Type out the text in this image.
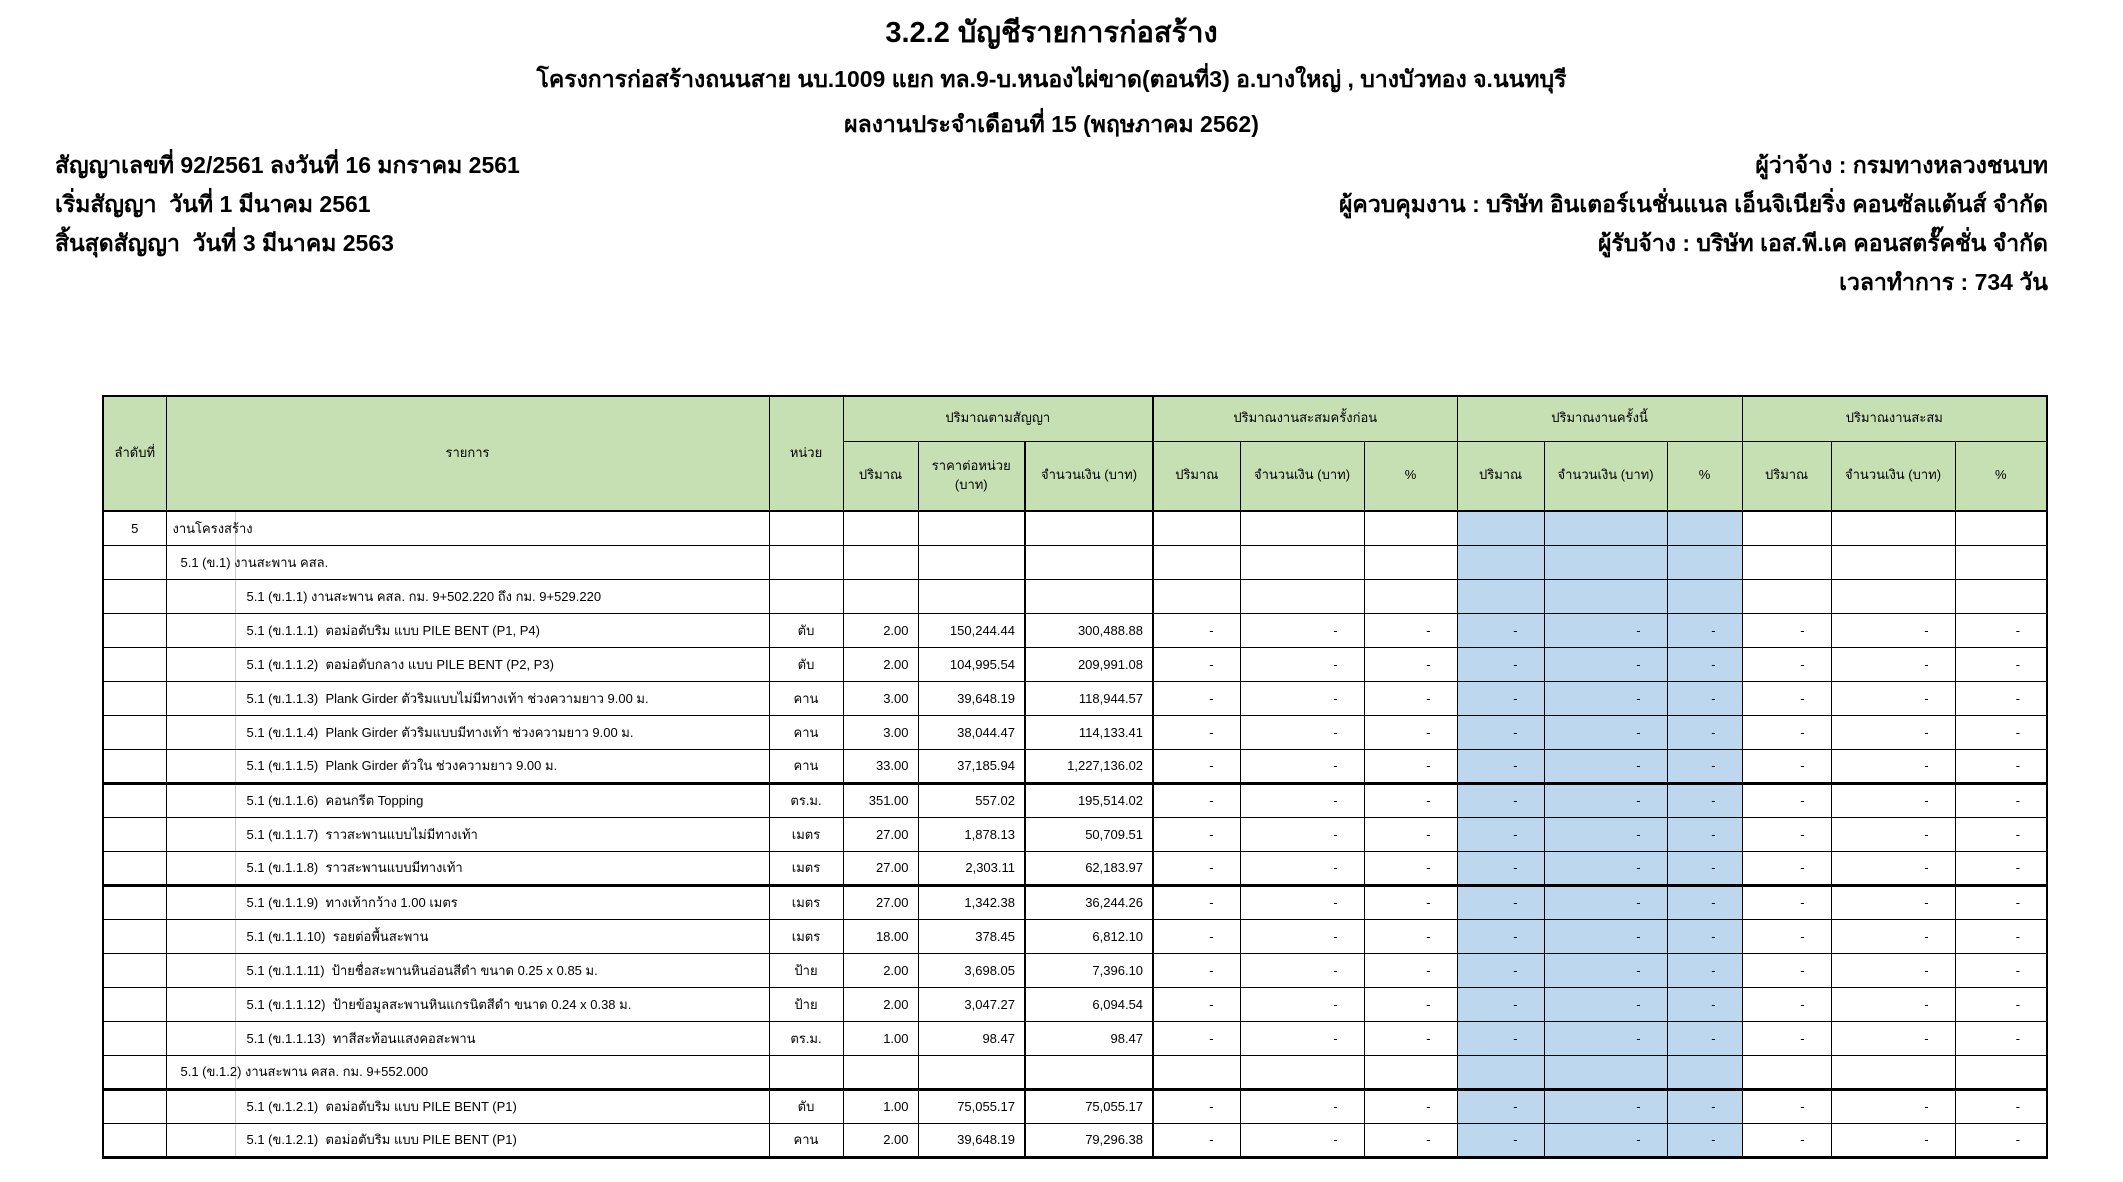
3.2.2 บัญชีรายการก่อสร้าง
โครงการก่อสร้างถนนสาย นบ.1009 แยก ทล.9-บ.หนองไผ่ขาด(ตอนที่3) อ.บางใหญ่ , บางบัวทอง จ.นนทบุรี
ผลงานประจำเดือนที่ 15 (พฤษภาคม 2562)
สัญญาเลขที่ 92/2561 ลงวันที่ 16 มกราคม 2561	ผู้ว่าจ้าง : กรมทางหลวงชนบท
เริ่มสัญญา  วันที่ 1 มีนาคม 2561	ผู้ควบคุมงาน : บริษัท อินเตอร์เนชั่นแนล เอ็นจิเนียริ่ง คอนซัลแต้นส์ จำกัด
สิ้นสุดสัญญา  วันที่ 3 มีนาคม 2563	ผู้รับจ้าง : บริษัท เอส.พี.เค คอนสตรั๊คชั่น จำกัด
เวลาทำการ : 734 วัน
ลำดับที่	รายการ	หน่วย	ปริมาณตามสัญญา			ปริมาณงานสะสมครั้งก่อน			ปริมาณงานครั้งนี้			ปริมาณงานสะสม		
			ปริมาณ	ราคาต่อหน่วย (บาท)	จำนวนเงิน (บาท)	ปริมาณ	จำนวนเงิน (บาท)	%	ปริมาณ	จำนวนเงิน (บาท)	%	ปริมาณ	จำนวนเงิน (บาท)	%
5	งานโครงสร้าง													
	5.1 (ข.1) งานสะพาน คสล.													
	5.1 (ข.1.1) งานสะพาน คสล. กม. 9+502.220 ถึง กม. 9+529.220													
	5.1 (ข.1.1.1)  ตอม่อตับริม แบบ PILE BENT (P1, P4)	ตับ	2.00	150,244.44	300,488.88	-	-	-	-	-	-	-	-	-
	5.1 (ข.1.1.2)  ตอม่อตับกลาง แบบ PILE BENT (P2, P3)	ตับ	2.00	104,995.54	209,991.08	-	-	-	-	-	-	-	-	-
	5.1 (ข.1.1.3)  Plank Girder ตัวริมแบบไม่มีทางเท้า ช่วงความยาว 9.00 ม.	คาน	3.00	39,648.19	118,944.57	-	-	-	-	-	-	-	-	-
	5.1 (ข.1.1.4)  Plank Girder ตัวริมแบบมีทางเท้า ช่วงความยาว 9.00 ม.	คาน	3.00	38,044.47	114,133.41	-	-	-	-	-	-	-	-	-
	5.1 (ข.1.1.5)  Plank Girder ตัวใน ช่วงความยาว 9.00 ม.	คาน	33.00	37,185.94	1,227,136.02	-	-	-	-	-	-	-	-	-
	5.1 (ข.1.1.6)  คอนกรีต Topping	ตร.ม.	351.00	557.02	195,514.02	-	-	-	-	-	-	-	-	-
	5.1 (ข.1.1.7)  ราวสะพานแบบไม่มีทางเท้า	เมตร	27.00	1,878.13	50,709.51	-	-	-	-	-	-	-	-	-
	5.1 (ข.1.1.8)  ราวสะพานแบบมีทางเท้า	เมตร	27.00	2,303.11	62,183.97	-	-	-	-	-	-	-	-	-
	5.1 (ข.1.1.9)  ทางเท้ากว้าง 1.00 เมตร	เมตร	27.00	1,342.38	36,244.26	-	-	-	-	-	-	-	-	-
	5.1 (ข.1.1.10)  รอยต่อพื้นสะพาน	เมตร	18.00	378.45	6,812.10	-	-	-	-	-	-	-	-	-
	5.1 (ข.1.1.11)  ป้ายชื่อสะพานหินอ่อนสีดำ ขนาด 0.25 x 0.85 ม.	ป้าย	2.00	3,698.05	7,396.10	-	-	-	-	-	-	-	-	-
	5.1 (ข.1.1.12)  ป้ายข้อมูลสะพานหินแกรนิตสีดำ ขนาด 0.24 x 0.38 ม.	ป้าย	2.00	3,047.27	6,094.54	-	-	-	-	-	-	-	-	-
	5.1 (ข.1.1.13)  ทาสีสะท้อนแสงคอสะพาน	ตร.ม.	1.00	98.47	98.47	-	-	-	-	-	-	-	-	-
	5.1 (ข.1.2) งานสะพาน คสล. กม. 9+552.000													
	5.1 (ข.1.2.1)  ตอม่อตับริม แบบ PILE BENT (P1)	ตับ	1.00	75,055.17	75,055.17	-	-	-	-	-	-	-	-	-
	5.1 (ข.1.2.1)  ตอม่อตับริม แบบ PILE BENT (P1)	คาน	2.00	39,648.19	79,296.38	-	-	-	-	-	-	-	-	-
